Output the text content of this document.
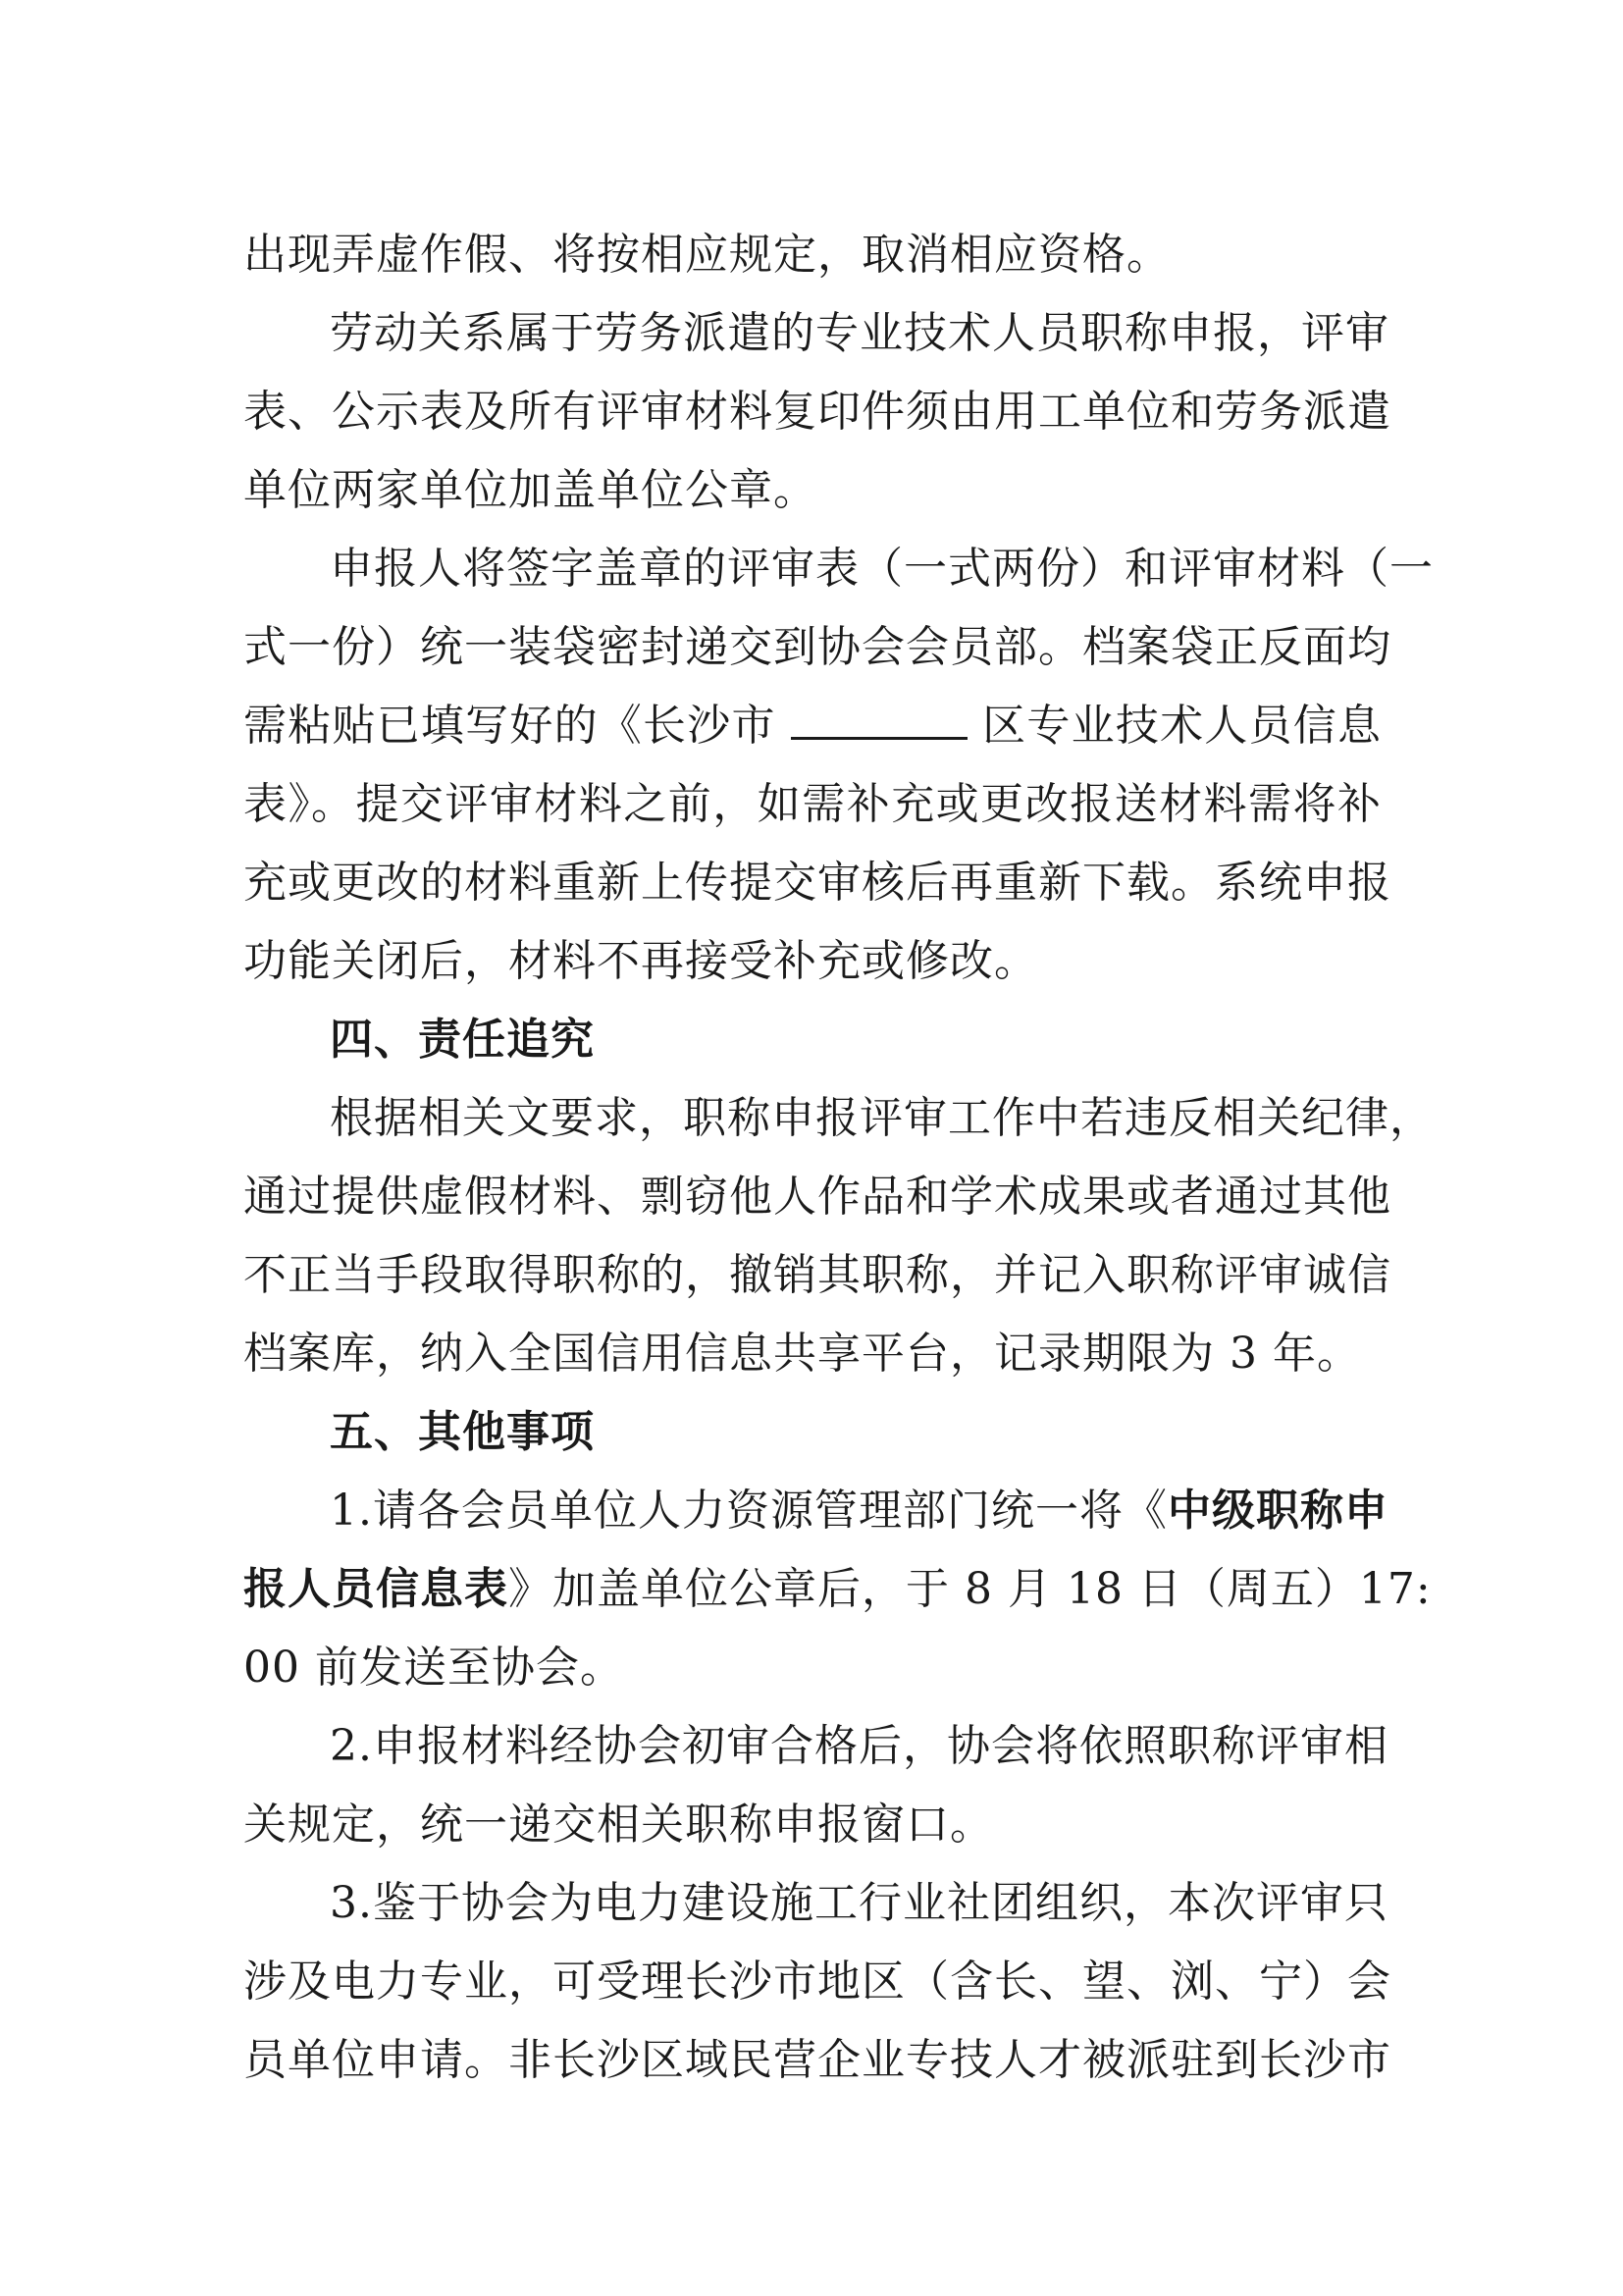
出现弄虚作假、将按相应规定，取消相应资格。
劳动关系属于劳务派遣的专业技术人员职称申报，评审
表、公示表及所有评审材料复印件须由用工单位和劳务派遣
单位两家单位加盖单位公章。
申报人将签字盖章的评审表（一式两份）和评审材料（一
式一份）统一装袋密封递交到协会会员部。档案袋正反面均
需粘贴已填写好的《长沙市	区专业技术人员信息
表》。提交评审材料之前，如需补充或更改报送材料需将补
充或更改的材料重新上传提交审核后再重新下载。系统申报
功能关闭后，材料不再接受补充或修改。
四、责任追究
根据相关文要求，职称申报评审工作中若违反相关纪律，
通过提供虚假材料、剽窃他人作品和学术成果或者通过其他
不正当手段取得职称的，撤销其职称，并记入职称评审诚信
档案库，纳入全国信用信息共享平台，记录期限为 3 年。
五、其他事项
1.请各会员单位人力资源管理部门统一将《中级职称申
报人员信息表》加盖单位公章后，于 8 月 18 日（周五）17:
00 前发送至协会。
2.申报材料经协会初审合格后，协会将依照职称评审相
关规定，统一递交相关职称申报窗口。
3.鉴于协会为电力建设施工行业社团组织，本次评审只
涉及电力专业，可受理长沙市地区（含长、望、浏、宁）会
员单位申请。非长沙区域民营企业专技人才被派驻到长沙市
